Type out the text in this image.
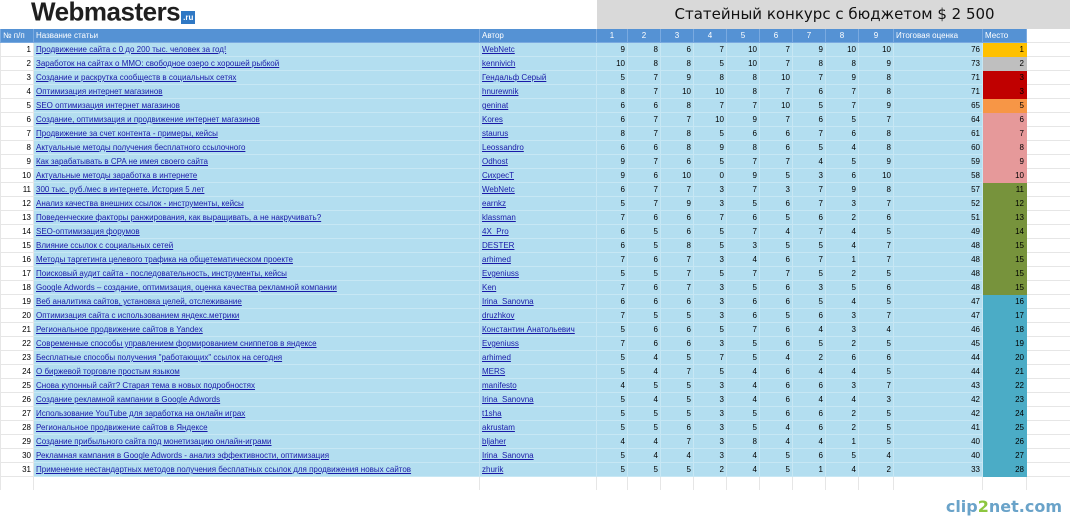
Webmasters .ru			Статейный конкурс с бюджетом $ 2 500												
№ п/п	Название статьи	Автор	1	2	3	4	5	6	7	8	9	Итоговая оценка	Место		
1	Продвижение сайта с 0 до 200 тыс. человек за год!	WebNetc	9	8	6	7	10	7	9	10	10	76	1		
2	Заработок на сайтах о ММО: свободное озеро с хорошей рыбкой	kennivich	10	8	8	5	10	7	8	8	9	73	2		
3	Создание и раскрутка сообществ в социальных сетях	Гендальф Серый	5	7	9	8	8	10	7	9	8	71	3		
4	Оптимизация интернет магазинов	hnurewnik	8	7	10	10	8	7	6	7	8	71	3		
5	SEO оптимизация интернет магазинов	geninat	6	6	8	7	7	10	5	7	9	65	5		
6	Создание, оптимизация и продвижение интернет магазинов	Kores	6	7	7	10	9	7	6	5	7	64	6		
7	Продвижение за счет контента - примеры, кейсы	staurus	8	7	8	5	6	6	7	6	8	61	7		
8	Актуальные методы получения бесплатного ссылочного	Leossandro	6	6	8	9	8	6	5	4	8	60	8		
9	Как зарабатывать в CPA не имея своего сайта	Odhost	9	7	6	5	7	7	4	5	9	59	9		
10	Актуальные методы заработка в интернете	СихресТ	9	6	10	0	9	5	3	6	10	58	10		
11	300 тыс. руб./мес в интернете. История 5 лет	WebNetc	6	7	7	3	7	3	7	9	8	57	11		
12	Анализ качества внешних ссылок - инструменты, кейсы	earnkz	5	7	9	3	5	6	7	3	7	52	12		
13	Поведенческие факторы ранжирования, как выращивать, а не накручивать?	klassman	7	6	6	7	6	5	6	2	6	51	13		
14	SEO-оптимизация форумов	4X_Pro	6	5	6	5	7	4	7	4	5	49	14		
15	Влияние ссылок с социальных сетей	DESTER	6	5	8	5	3	5	5	4	7	48	15		
16	Методы таргетинга целевого трафика на общетематическом проекте	arhimed	7	6	7	3	4	6	7	1	7	48	15		
17	Поисковый аудит сайта - последовательность, инструменты, кейсы	Evgeniuss	5	5	7	5	7	7	5	2	5	48	15		
18	Google Adwords – создание, оптимизация, оценка качества рекламной компании	Ken	7	6	7	3	5	6	3	5	6	48	15		
19	Веб аналитика сайтов, установка целей, отслеживание	Irina_Sanovna	6	6	6	3	6	6	5	4	5	47	16		
20	Оптимизация сайта с использованием яндекс.метрики	druzhkov	7	5	5	3	6	5	6	3	7	47	17		
21	Региональное продвижение сайтов в Yandex	Константин Анатольевич	5	6	6	5	7	6	4	3	4	46	18		
22	Современные способы управлением формированием сниппетов в яндексе	Evgeniuss	7	6	6	3	5	6	5	2	5	45	19		
23	Бесплатные способы получения "работающих" ссылок на сегодня	arhimed	5	4	5	7	5	4	2	6	6	44	20		
24	О биржевой торговле простым языком	MERS	5	4	7	5	4	6	4	4	5	44	21		
25	Снова купонный сайт? Старая тема в новых подробностях	manifesto	4	5	5	3	4	6	6	3	7	43	22		
26	Создание рекламной кампании в Google Adwords	Irina_Sanovna	5	4	5	3	4	6	4	4	3	42	23		
27	Использование YouTube для заработка на онлайн играх	t1sha	5	5	5	3	5	6	6	2	5	42	24		
28	Региональное продвижение сайтов в Яндексе	akrustam	5	5	6	3	5	4	6	2	5	41	25		
29	Создание прибыльного сайта под монетизацию онлайн-играми	bljaher	4	4	7	3	8	4	4	1	5	40	26		
30	Рекламная кампания в Google Adwords - анализ эффективности, оптимизация	Irina_Sanovna	5	4	4	3	4	5	6	5	4	40	27		
31	Применение нестандартных методов получения бесплатных ссылок для продвижения новых сайтов	zhurik	5	5	5	2	4	5	1	4	2	33	28		

clip2net.com
